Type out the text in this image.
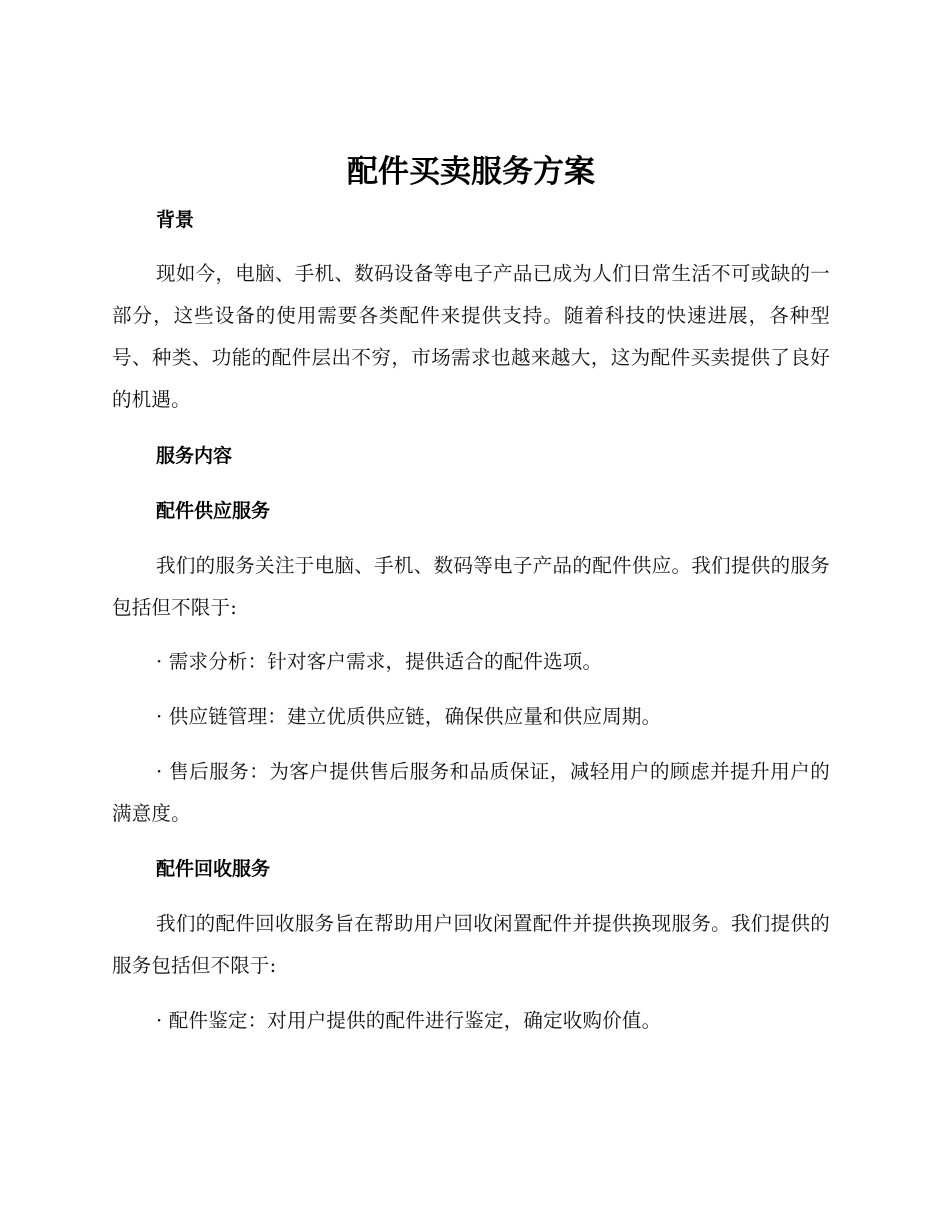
配件买卖服务方案
背景

现如今，电脑、手机、数码设备等电子产品已成为人们日常生活不可或缺的一部分，这些设备的使用需要各类配件来提供支持。随着科技的快速进展，各种型号、种类、功能的配件层出不穷，市场需求也越来越大，这为配件买卖提供了良好的机遇。

服务内容
配件供应服务

我们的服务关注于电脑、手机、数码等电子产品的配件供应。我们提供的服务包括但不限于:

· 需求分析：针对客户需求，提供适合的配件选项。

· 供应链管理：建立优质供应链，确保供应量和供应周期。

· 售后服务：为客户提供售后服务和品质保证，减轻用户的顾虑并提升用户的满意度。

配件回收服务

我们的配件回收服务旨在帮助用户回收闲置配件并提供换现服务。我们提供的服务包括但不限于:

· 配件鉴定：对用户提供的配件进行鉴定，确定收购价值。
